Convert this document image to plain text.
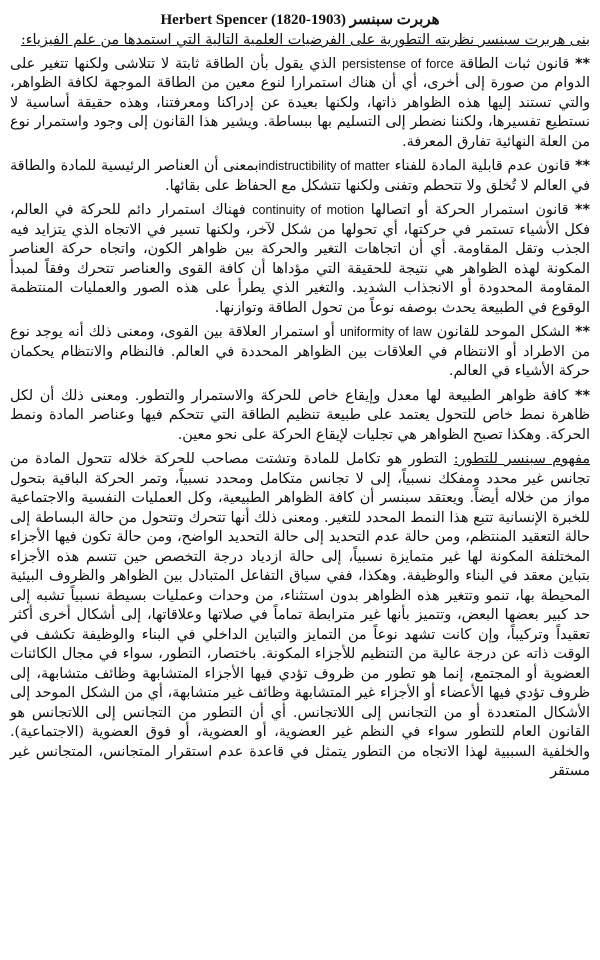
هربرت سبنسر Herbert Spencer (1820-1903)

بنى هربرت سبنسر نظريته التطورية على الفرضيات العلمية التالية التي استمدها من علم الفيزياء:

** قانون ثبات الطاقة persistense of force الذي يقول بأن الطاقة ثابتة لا تتلاشى ولكنها تتغير على الدوام من صورة إلى أخرى، أي أن هناك استمرارا لنوع معين من الطاقة الموجهة لكافة الظواهر، والتي تستند إليها هذه الظواهر ذاتها، ولكنها بعيدة عن إدراكنا ومعرفتنا، وهذه حقيقة أساسية لا نستطيع تفسيرها، ولكننا نضطر إلى التسليم بها ببساطة. ويشير هذا القانون إلى وجود واستمرار نوع من العلة النهائية تفارق المعرفة.

** قانون عدم قابلية المادة للفناء indistructibility of matterبمعنى أن العناصر الرئيسية للمادة والطاقة في العالم لا تُخلق ولا تتحطم وتفنى ولكنها تتشكل مع الحفاظ على بقائها.

** قانون استمرار الحركة أو اتصالها continuity of motion فهناك استمرار دائم للحركة في العالم، فكل الأشياء تستمر في حركتها، أي تحولها من شكل لآخر، ولكنها تسير في الاتجاه الذي يتزايد فيه الجذب وتقل المقاومة. أي أن اتجاهات التغير والحركة بين ظواهر الكون، واتجاه حركة العناصر المكونة لهذه الظواهر هي نتيجة للحقيقة التي مؤداها أن كافة القوى والعناصر تتحرك وفقاً لمبدأ المقاومة المحدودة أو الانجذاب الشديد. والتغير الذي يطرأ على هذه الصور والعمليات المنتظمة الوقوع في الطبيعة يحدث بوصفه نوعاً من تحول الطاقة وتوازنها.

** الشكل الموحد للقانون uniformity of law أو استمرار العلاقة بين القوى، ومعنى ذلك أنه يوجد نوع من الاطراد أو الانتظام في العلاقات بين الظواهر المحددة في العالم. فالنظام والانتظام يحكمان حركة الأشياء في العالم.

** كافة ظواهر الطبيعة لها معدل وإيقاع خاص للحركة والاستمرار والتطور. ومعنى ذلك أن لكل ظاهرة نمط خاص للتحول يعتمد على طبيعة تنظيم الطاقة التي تتحكم فيها وعناصر المادة ونمط الحركة. وهكذا تصبح الظواهر هي تجليات لإيقاع الحركة على نحو معين.

مفهوم سبنسر للتطور: التطور هو تكامل للمادة وتشتت مصاحب للحركة خلاله تتحول المادة من تجانس غير محدد ومفكك نسبياً، إلى لا تجانس متكامل ومحدد نسبياً، وتمر الحركة الباقية بتحول مواز من خلاله أيضاً. ويعتقد سبنسر أن كافة الظواهر الطبيعية، وكل العمليات النفسية والاجتماعية للخبرة الإنسانية تتبع هذا النمط المحدد للتغير. ومعنى ذلك أنها تتحرك وتتحول من حالة البساطة إلى حالة التعقيد المنتظم، ومن حالة عدم التحديد إلى حالة التحديد الواضح، ومن حالة تكون فيها الأجزاء المختلفة المكونة لها غير متمايزة نسبياً، إلى حالة ازدياد درجة التخصص حين تتسم هذه الأجزاء بتباين معقد في البناء والوظيفة. وهكذا، ففي سياق التفاعل المتبادل بين الظواهر والظروف البيئية المحيطة بها، تنمو وتتغير هذه الظواهر بدون استثناء، من وحدات وعمليات بسيطة نسبياً تشبه إلى حد كبير بعضها البعض، وتتميز بأنها غير مترابطة تماماً في صلاتها وعلاقاتها، إلى أشكال أخرى أكثر تعقيداً وتركيباً، وإن كانت تشهد نوعاً من التمايز والتباين الداخلي في البناء والوظيفة تكشف في الوقت ذاته عن درجة عالية من التنظيم للأجزاء المكونة. باختصار، التطور، سواء في مجال الكائنات العضوية أو المجتمع، إنما هو تطور من ظروف تؤدي فيها الأجزاء المتشابهة وظائف متشابهة، إلى ظروف تؤدي فيها الأعضاء أو الأجزاء غير المتشابهة وظائف غير متشابهة، أي من الشكل الموحد إلى الأشكال المتعددة أو من التجانس إلى اللاتجانس. أي أن التطور من التجانس إلى اللاتجانس هو القانون العام للتطور سواء في النظم غير العضوية، أو العضوية، أو فوق العضوية (الاجتماعية). والخلفية السببية لهذا الاتجاه من التطور يتمثل في قاعدة عدم استقرار المتجانس، المتجانس غير مستقر
